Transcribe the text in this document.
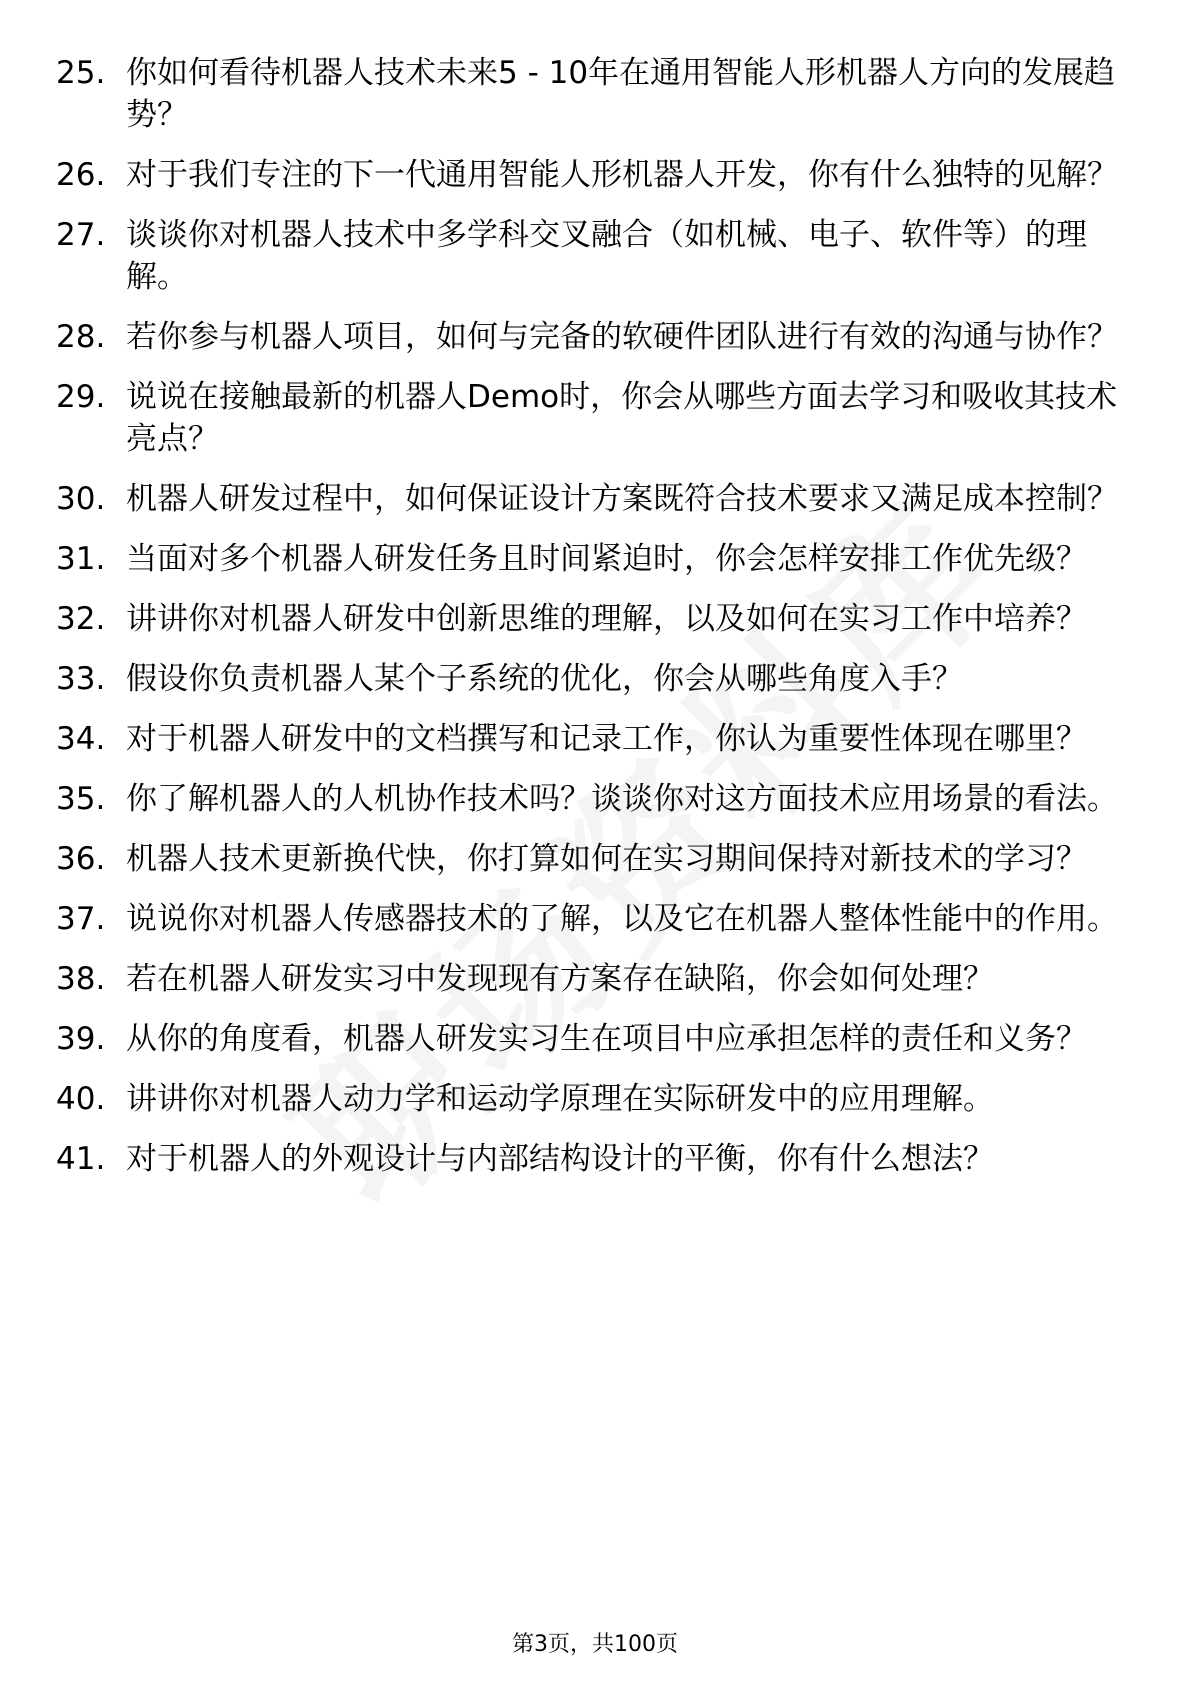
25. 你如何看待机器人技术未来5 - 10年在通用智能人形机器人方向的发展趋势？
26. 对于我们专注的下一代通用智能人形机器人开发，你有什么独特的见解？
27. 谈谈你对机器人技术中多学科交叉融合（如机械、电子、软件等）的理解。
28. 若你参与机器人项目，如何与完备的软硬件团队进行有效的沟通与协作？
29. 说说在接触最新的机器人Demo时，你会从哪些方面去学习和吸收其技术亮点？
30. 机器人研发过程中，如何保证设计方案既符合技术要求又满足成本控制？
31. 当面对多个机器人研发任务且时间紧迫时，你会怎样安排工作优先级？
32. 讲讲你对机器人研发中创新思维的理解，以及如何在实习工作中培养？
33. 假设你负责机器人某个子系统的优化，你会从哪些角度入手？
34. 对于机器人研发中的文档撰写和记录工作，你认为重要性体现在哪里？
35. 你了解机器人的人机协作技术吗？谈谈你对这方面技术应用场景的看法。
36. 机器人技术更新换代快，你打算如何在实习期间保持对新技术的学习？
37. 说说你对机器人传感器技术的了解，以及它在机器人整体性能中的作用。
38. 若在机器人研发实习中发现现有方案存在缺陷，你会如何处理？
39. 从你的角度看，机器人研发实习生在项目中应承担怎样的责任和义务？
40. 讲讲你对机器人动力学和运动学原理在实际研发中的应用理解。
41. 对于机器人的外观设计与内部结构设计的平衡，你有什么想法？
第3页，共100页
